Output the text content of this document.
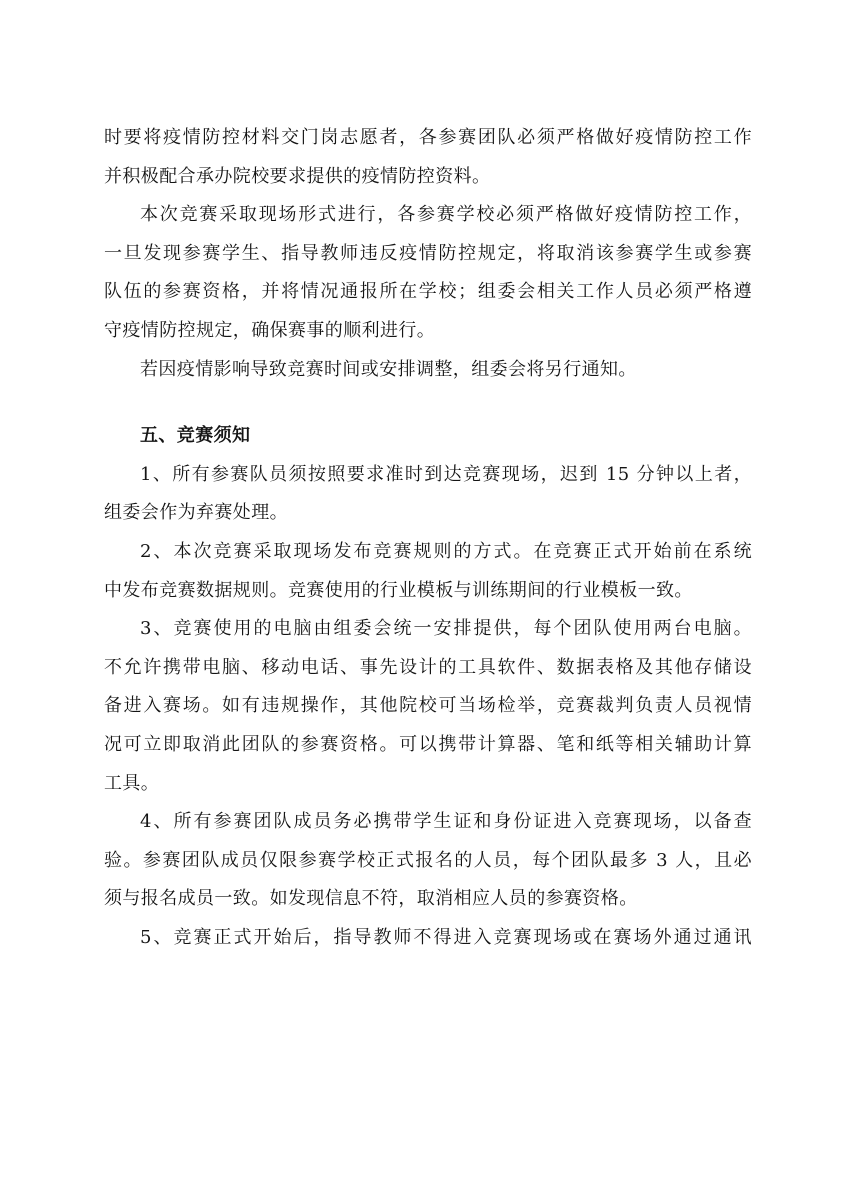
时要将疫情防控材料交门岗志愿者，各参赛团队必须严格做好疫情防控工作
并积极配合承办院校要求提供的疫情防控资料。
本次竞赛采取现场形式进行，各参赛学校必须严格做好疫情防控工作，
一旦发现参赛学生、指导教师违反疫情防控规定，将取消该参赛学生或参赛
队伍的参赛资格，并将情况通报所在学校；组委会相关工作人员必须严格遵
守疫情防控规定，确保赛事的顺利进行。
若因疫情影响导致竞赛时间或安排调整，组委会将另行通知。
五、竞赛须知
1、所有参赛队员须按照要求准时到达竞赛现场，迟到 15 分钟以上者，
组委会作为弃赛处理。
2、本次竞赛采取现场发布竞赛规则的方式。在竞赛正式开始前在系统
中发布竞赛数据规则。竞赛使用的行业模板与训练期间的行业模板一致。
3、竞赛使用的电脑由组委会统一安排提供，每个团队使用两台电脑。
不允许携带电脑、移动电话、事先设计的工具软件、数据表格及其他存储设
备进入赛场。如有违规操作，其他院校可当场检举，竞赛裁判负责人员视情
况可立即取消此团队的参赛资格。可以携带计算器、笔和纸等相关辅助计算
工具。
4、所有参赛团队成员务必携带学生证和身份证进入竞赛现场，以备查
验。参赛团队成员仅限参赛学校正式报名的人员，每个团队最多 3 人，且必
须与报名成员一致。如发现信息不符，取消相应人员的参赛资格。
5、竞赛正式开始后，指导教师不得进入竞赛现场或在赛场外通过通讯
